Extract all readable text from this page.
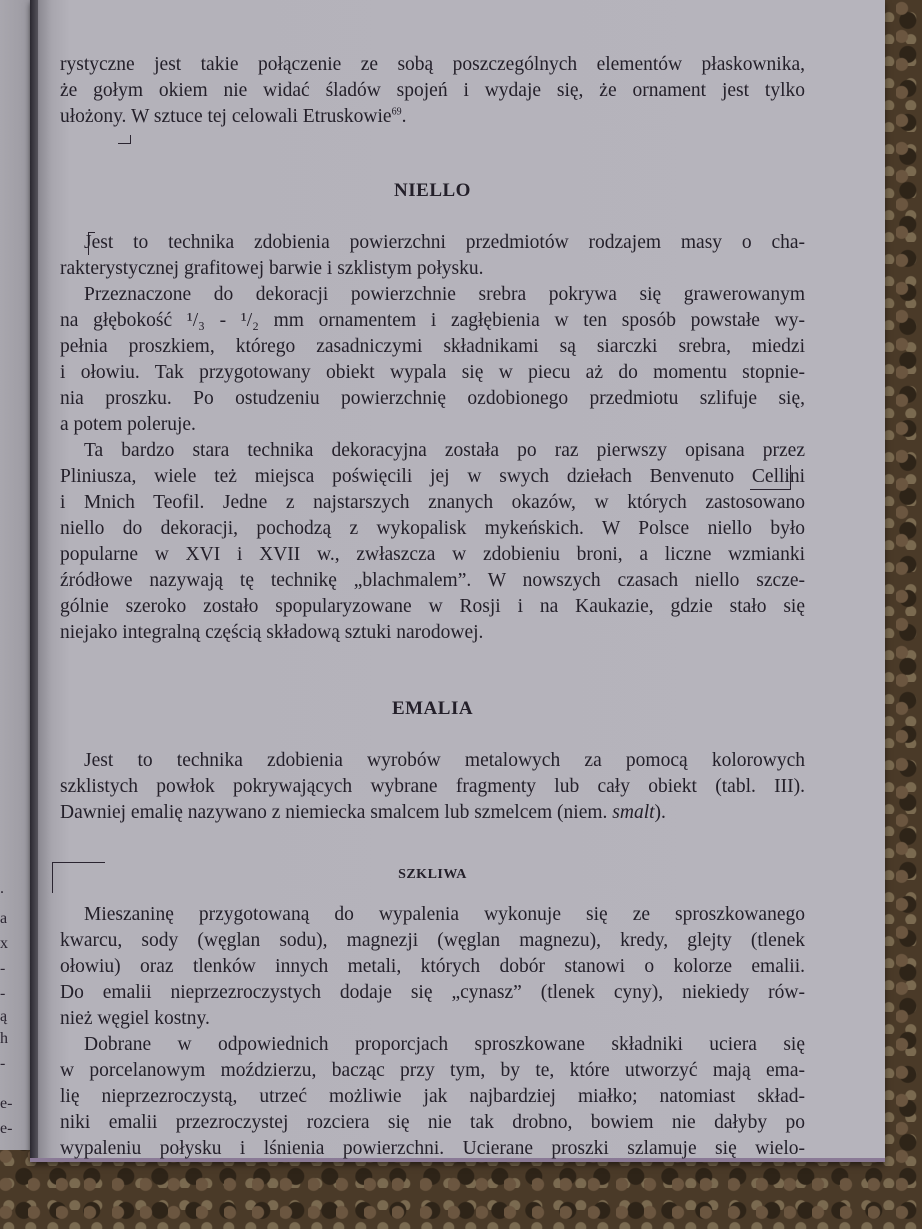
.
a
x
-
-
ą
h
-
e-
e-
rystyczne jest takie połączenie ze sobą poszczególnych elementów płaskownika,
że gołym okiem nie widać śladów spojeń i wydaje się, że ornament jest tylko
ułożony. W sztuce tej celowali Etruskowie$^{69}$.
NIELLO
Jest to technika zdobienia powierzchni przedmiotów rodzajem masy o cha-
rakterystycznej grafitowej barwie i szklistym połysku.
Przeznaczone do dekoracji powierzchnie srebra pokrywa się grawerowanym
na głębokość ¹/₃ - ¹/₂ mm ornamentem i zagłębienia w ten sposób powstałe wy-
pełnia proszkiem, którego zasadniczymi składnikami są siarczki srebra, miedzi
i ołowiu. Tak przygotowany obiekt wypala się w piecu aż do momentu stopnie-
nia proszku. Po ostudzeniu powierzchnię ozdobionego przedmiotu szlifuje się,
a potem poleruje.
Ta bardzo stara technika dekoracyjna została po raz pierwszy opisana przez
Pliniusza, wiele też miejsca poświęcili jej w swych dziełach Benvenuto Cellini
i Mnich Teofil. Jedne z najstarszych znanych okazów, w których zastosowano
niello do dekoracji, pochodzą z wykopalisk mykeńskich. W Polsce niello było
popularne w XVI i XVII w., zwłaszcza w zdobieniu broni, a liczne wzmianki
źródłowe nazywają tę technikę „blachmalem”. W nowszych czasach niello szcze-
gólnie szeroko zostało spopularyzowane w Rosji i na Kaukazie, gdzie stało się
niejako integralną częścią składową sztuki narodowej.
EMALIA
Jest to technika zdobienia wyrobów metalowych za pomocą kolorowych
szklistych powłok pokrywających wybrane fragmenty lub cały obiekt (tabl. III).
Dawniej emalię nazywano z niemiecka smalcem lub szmelcem (niem. smalt).
SZKLIWA
Mieszaninę przygotowaną do wypalenia wykonuje się ze sproszkowanego
kwarcu, sody (węglan sodu), magnezji (węglan magnezu), kredy, glejty (tlenek
ołowiu) oraz tlenków innych metali, których dobór stanowi o kolorze emalii.
Do emalii nieprzezroczystych dodaje się „cynasz” (tlenek cyny), niekiedy rów-
nież węgiel kostny.
Dobrane w odpowiednich proporcjach sproszkowane składniki uciera się
w porcelanowym moździerzu, bacząc przy tym, by te, które utworzyć mają ema-
lię nieprzezroczystą, utrzeć możliwie jak najbardziej miałko; natomiast skład-
niki emalii przezroczystej rozciera się nie tak drobno, bowiem nie dałyby po
wypaleniu połysku i lśnienia powierzchni. Ucierane proszki szlamuje się wielo-
